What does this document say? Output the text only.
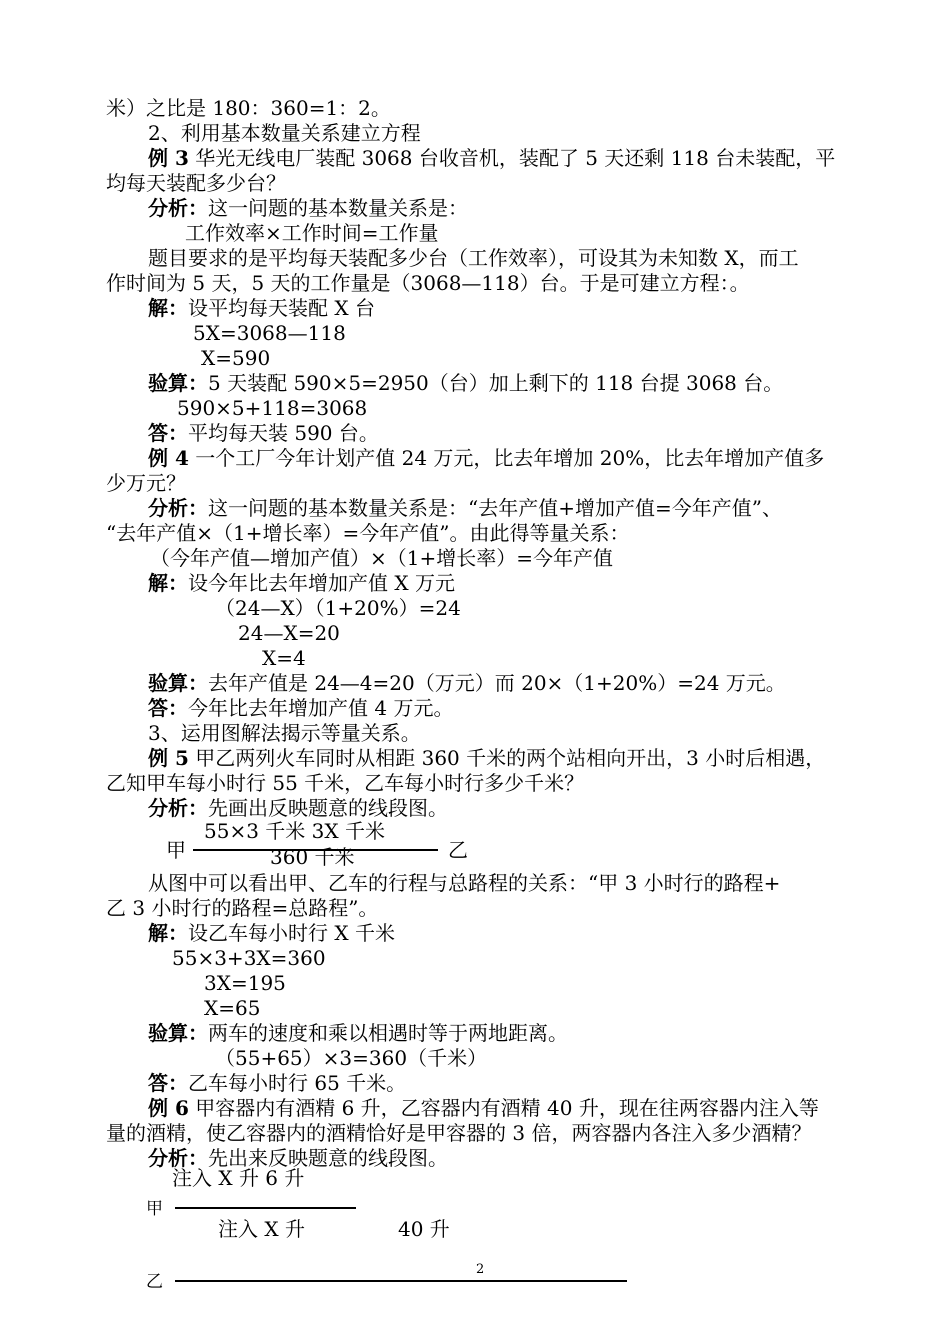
米）之比是 180：360=1：2。
2、利用基本数量关系建立方程
例 3 华光无线电厂装配 3068 台收音机，装配了 5 天还剩 118 台未装配，平
均每天装配多少台？
分析：这一问题的基本数量关系是：
工作效率×工作时间=工作量
题目要求的是平均每天装配多少台（工作效率），可设其为未知数 X，而工
作时间为 5 天，5 天的工作量是（3068—118）台。于是可建立方程：。
解：设平均每天装配 X 台
5X=3068—118
X=590
验算：5 天装配 590×5=2950（台）加上剩下的 118 台提 3068 台。
590×5+118=3068
答：平均每天装 590 台。
例 4 一个工厂今年计划产值 24 万元，比去年增加 20%，比去年增加产值多
少万元？
分析：这一问题的基本数量关系是：“去年产值+增加产值=今年产值”、
“去年产值×（1+增长率）=今年产值”。由此得等量关系：
（今年产值—增加产值）×（1+增长率）=今年产值
解：设今年比去年增加产值 X 万元
（24—X）（1+20%）=24
24—X=20
X=4
验算：去年产值是 24—4=20（万元）而 20×（1+20%）=24 万元。
答：今年比去年增加产值 4 万元。
3、运用图解法揭示等量关系。
例 5 甲乙两列火车同时从相距 360 千米的两个站相向开出，3 小时后相遇，
乙知甲车每小时行 55 千米，乙车每小时行多少千米？
分析：先画出反映题意的线段图。
55×3 千米 3X 千米
甲	乙
360 千米
从图中可以看出甲、乙车的行程与总路程的关系：“甲 3 小时行的路程+
乙 3 小时行的路程=总路程”。
解：设乙车每小时行 X 千米
55×3+3X=360
3X=195
X=65
验算：两车的速度和乘以相遇时等于两地距离。
（55+65）×3=360（千米）
答：乙车每小时行 65 千米。
例 6 甲容器内有酒精 6 升，乙容器内有酒精 40 升，现在往两容器内注入等
量的酒精，使乙容器内的酒精恰好是甲容器的 3 倍，两容器内各注入多少酒精？
分析：先出来反映题意的线段图。
注入 X 升 6 升
甲
注入 X 升	40 升
乙
2
